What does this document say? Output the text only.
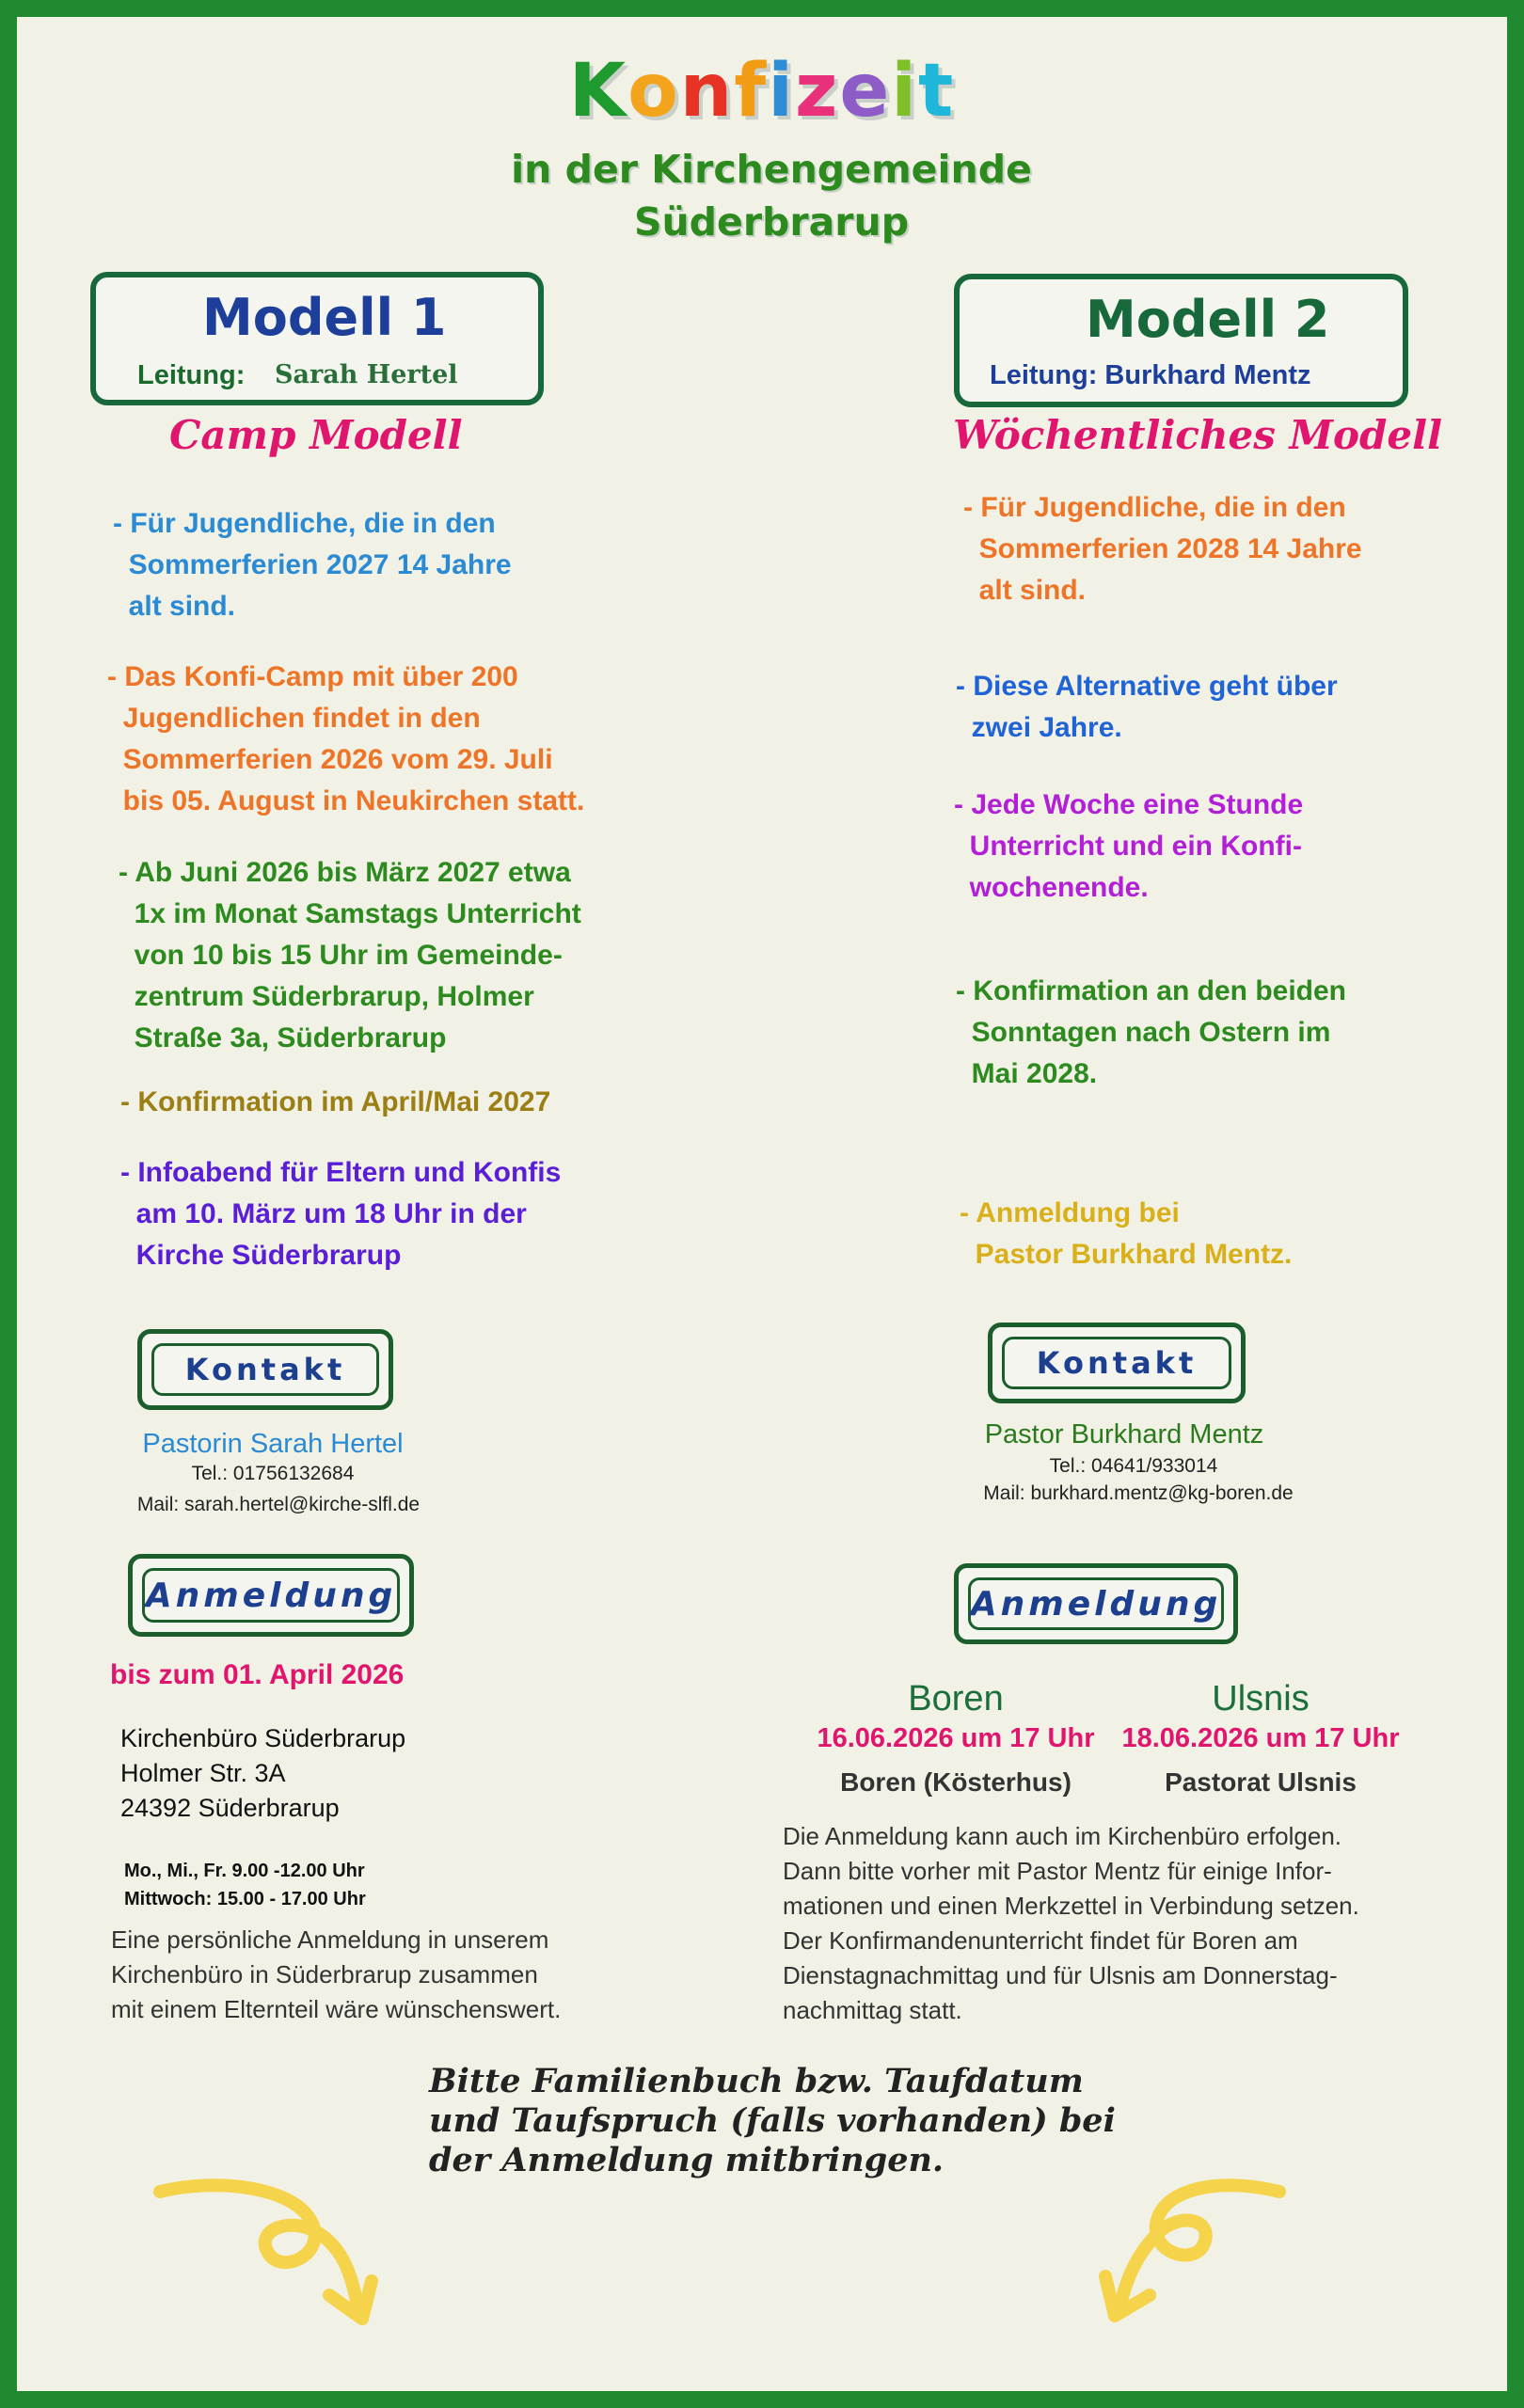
Konfizeit
in der Kirchengemeinde
Süderbrarup
Modell 1
Leitung: Sarah Hertel
Modell 2
Leitung: Burkhard Mentz
Camp Modell	Wöchentliches Modell
- Für Jugendliche, die in den
Sommerferien 2027 14 Jahre
alt sind.
- Das Konfi-Camp mit über 200
Jugendlichen findet in den
Sommerferien 2026 vom 29. Juli
bis 05. August in Neukirchen statt.
- Ab Juni 2026 bis März 2027 etwa
1x im Monat Samstags Unterricht
von 10 bis 15 Uhr im Gemeinde-
zentrum Süderbrarup, Holmer
Straße 3a, Süderbrarup
- Konfirmation im April/Mai 2027
- Infoabend für Eltern und Konfis
am 10. März um 18 Uhr in der
Kirche Süderbrarup
- Für Jugendliche, die in den
Sommerferien 2028 14 Jahre
alt sind.
- Diese Alternative geht über
zwei Jahre.
- Jede Woche eine Stunde
Unterricht und ein Konfi-
wochenende.
- Konfirmation an den beiden
Sonntagen nach Ostern im
Mai 2028.
- Anmeldung bei
Pastor Burkhard Mentz.
Kontakt	Kontakt
Pastorin Sarah Hertel
Tel.: 01756132684
Mail: sarah.hertel@kirche-slfl.de
Pastor Burkhard Mentz
Tel.: 04641/933014
Mail: burkhard.mentz@kg-boren.de
Anmeldung	Anmeldung
bis zum 01. April 2026
Kirchenbüro Süderbrarup
Holmer Str. 3A
24392 Süderbrarup
Mo., Mi., Fr. 9.00 -12.00 Uhr
Mittwoch: 15.00 - 17.00 Uhr
Eine persönliche Anmeldung in unserem
Kirchenbüro in Süderbrarup zusammen
mit einem Elternteil wäre wünschenswert.
Boren	Ulsnis
16.06.2026 um 17 Uhr 18.06.2026 um 17 Uhr
Boren (Kösterhus)	Pastorat Ulsnis
Die Anmeldung kann auch im Kirchenbüro erfolgen.
Dann bitte vorher mit Pastor Mentz für einige Infor-
mationen und einen Merkzettel in Verbindung setzen.
Der Konfirmandenunterricht findet für Boren am
Dienstagnachmittag und für Ulsnis am Donnerstag-
nachmittag statt.
Bitte Familienbuch bzw. Taufdatum
und Taufspruch (falls vorhanden) bei
der Anmeldung mitbringen.
